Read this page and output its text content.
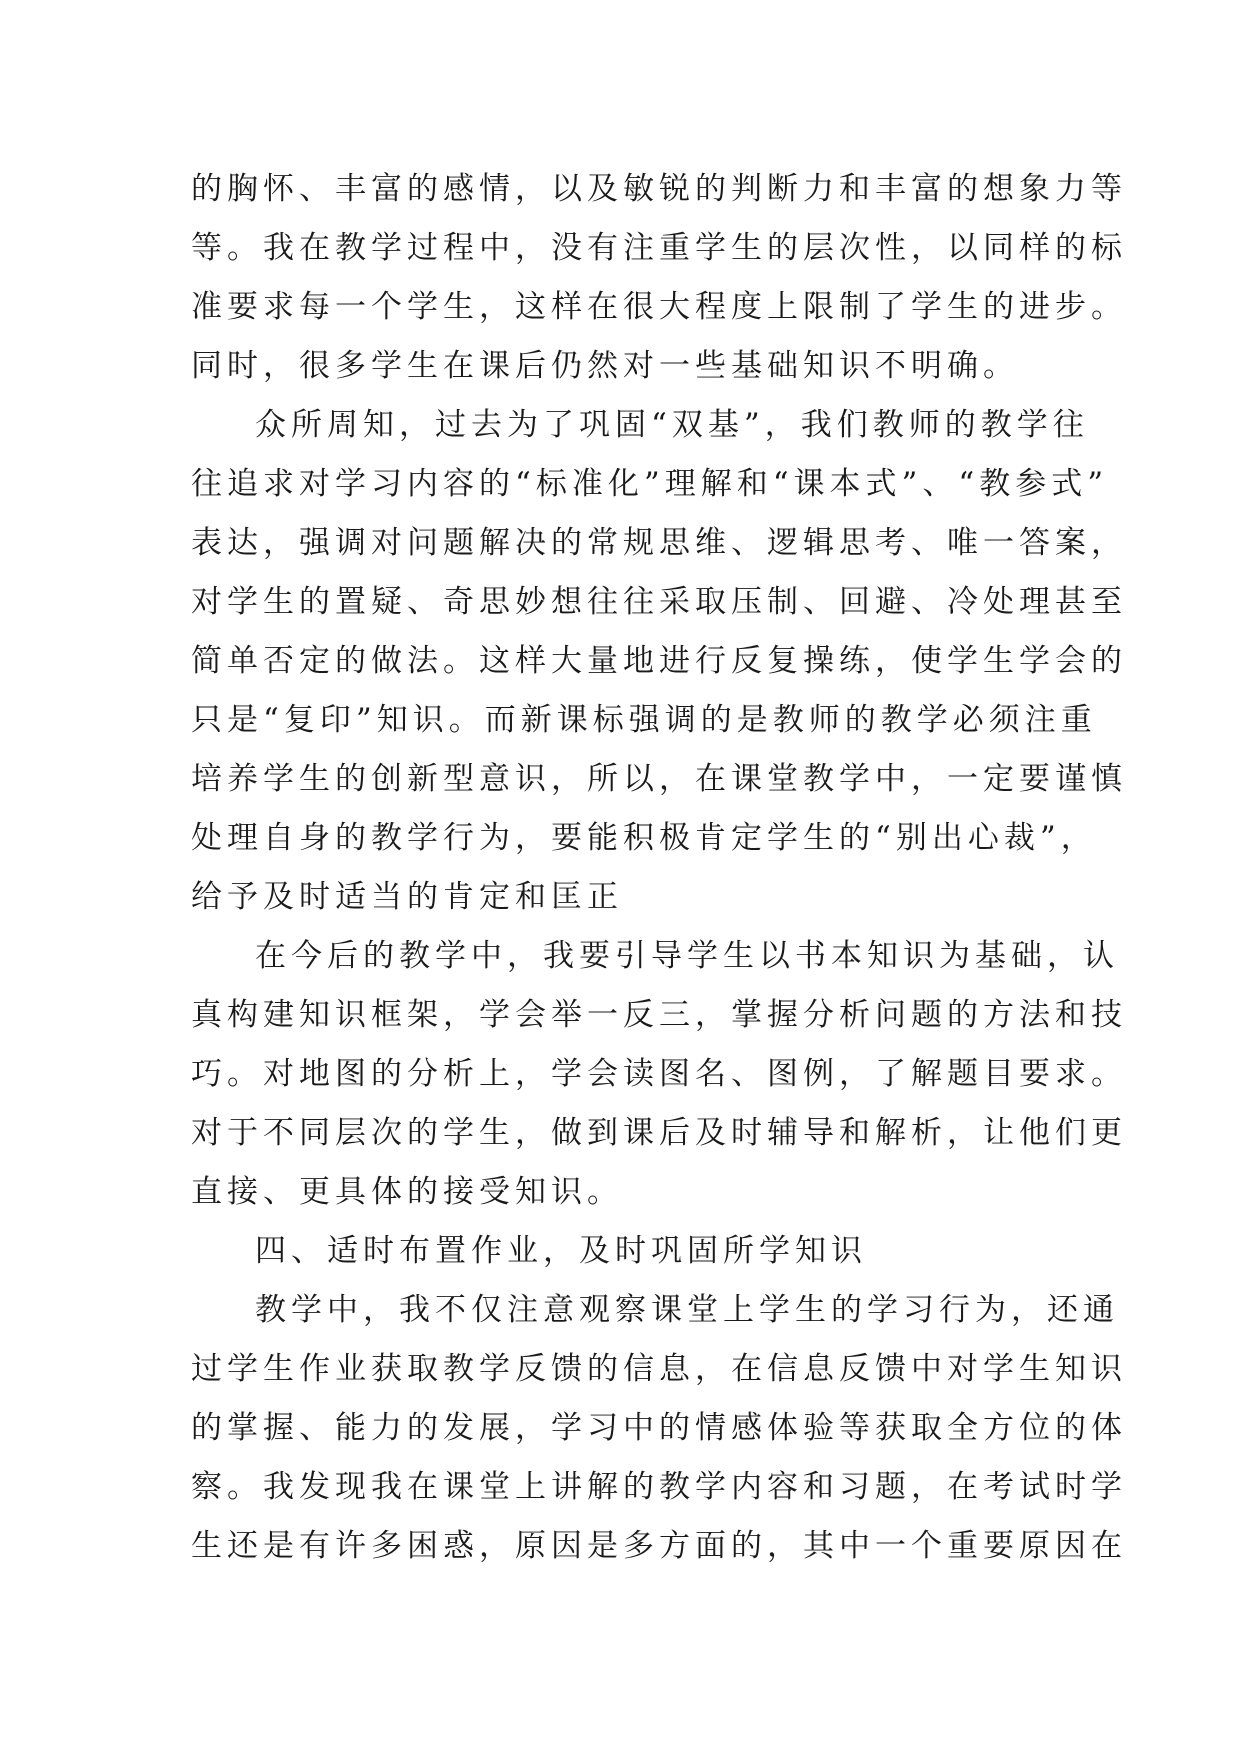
的胸怀、丰富的感情，以及敏锐的判断力和丰富的想象力等
等。我在教学过程中，没有注重学生的层次性，以同样的标
准要求每一个学生，这样在很大程度上限制了学生的进步。
同时，很多学生在课后仍然对一些基础知识不明确。
众所周知，过去为了巩固“双基”，我们教师的教学往
往追求对学习内容的“标准化”理解和“课本式”、“教参式”
表达，强调对问题解决的常规思维、逻辑思考、唯一答案，
对学生的置疑、奇思妙想往往采取压制、回避、冷处理甚至
简单否定的做法。这样大量地进行反复操练，使学生学会的
只是“复印”知识。而新课标强调的是教师的教学必须注重
培养学生的创新型意识，所以，在课堂教学中，一定要谨慎
处理自身的教学行为，要能积极肯定学生的“别出心裁”，
给予及时适当的肯定和匡正
在今后的教学中，我要引导学生以书本知识为基础，认
真构建知识框架，学会举一反三，掌握分析问题的方法和技
巧。对地图的分析上，学会读图名、图例，了解题目要求。
对于不同层次的学生，做到课后及时辅导和解析，让他们更
直接、更具体的接受知识。
四、适时布置作业，及时巩固所学知识
教学中，我不仅注意观察课堂上学生的学习行为，还通
过学生作业获取教学反馈的信息，在信息反馈中对学生知识
的掌握、能力的发展，学习中的情感体验等获取全方位的体
察。我发现我在课堂上讲解的教学内容和习题，在考试时学
生还是有许多困惑，原因是多方面的，其中一个重要原因在
